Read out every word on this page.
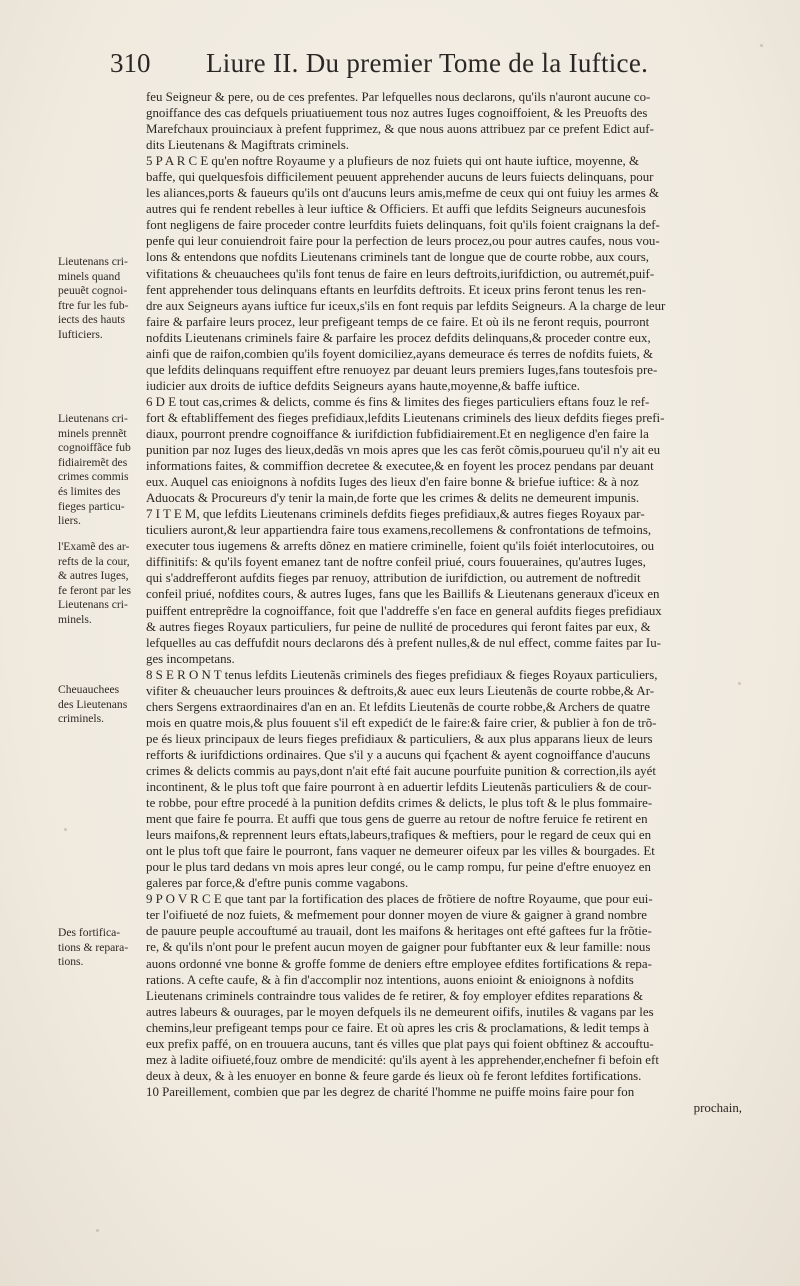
310 Liure II. Du premier Tome de la Iuftice.
feu Seigneur & pere, ou de ces prefentes. Par lefquelles nous declarons, qu'ils n'auront aucune co-
gnoiffance des cas defquels priuatiuement tous noz autres Iuges cognoiffoient, & les Preuofts des
Marefchaux prouinciaux à prefent fupprimez, & que nous auons attribuez par ce prefent Edict auf-
dits Lieutenans & Magiftrats criminels.
5 P A R C E qu'en noftre Royaume y a plufieurs de noz fuiets qui ont haute iuftice, moyenne, &
baffe, qui quelquesfois difficilement peuuent apprehender aucuns de leurs fuiects delinquans, pour
les aliances,ports & faueurs qu'ils ont d'aucuns leurs amis,mefme de ceux qui ont fuiuy les armes &
autres qui fe rendent rebelles à leur iuftice & Officiers. Et auffi que lefdits Seigneurs aucunesfois
font negligens de faire proceder contre leurfdits fuiets delinquans, foit qu'ils foient craignans la def-
penfe qui leur conuiendroit faire pour la perfection de leurs procez,ou pour autres caufes, nous vou-
lons & entendons que nofdits Lieutenans criminels tant de longue que de courte robbe, aux cours,
vifitations & cheuauchees qu'ils font tenus de faire en leurs deftroits,iurifdiction, ou autremét,puif-
fent apprehender tous delinquans eftants en leurfdits deftroits. Et iceux prins feront tenus les ren-
dre aux Seigneurs ayans iuftice fur iceux,s'ils en font requis par lefdits Seigneurs. A la charge de leur
faire & parfaire leurs procez, leur prefigeant temps de ce faire. Et où ils ne feront requis, pourront
nofdits Lieutenans criminels faire & parfaire les procez defdits delinquans,& proceder contre eux,
ainfi que de raifon,combien qu'ils foyent domiciliez,ayans demeurace és terres de nofdits fuiets, &
que lefdits delinquans requiffent eftre renuoyez par deuant leurs premiers Iuges,fans toutesfois pre-
iudicier aux droits de iuftice defdits Seigneurs ayans haute,moyenne,& baffe iuftice.
6 D E tout cas,crimes & delicts, comme és fins & limites des fieges particuliers eftans fouz le ref-
fort & eftabliffement des fieges prefidiaux,lefdits Lieutenans criminels des lieux defdits fieges prefi-
diaux, pourront prendre cognoiffance & iurifdiction fubfidiairement.Et en negligence d'en faire la
punition par noz Iuges des lieux,dedãs vn mois apres que les cas ferõt cõmis,pourueu qu'il n'y ait eu
informations faites, & commiffion decretee & executee,& en foyent les procez pendans par deuant
eux. Auquel cas enioignons à nofdits Iuges des lieux d'en faire bonne & briefue iuftice: & à noz
Aduocats & Procureurs d'y tenir la main,de forte que les crimes & delits ne demeurent impunis.
7 I T E M, que lefdits Lieutenans criminels defdits fieges prefidiaux,& autres fieges Royaux par-
ticuliers auront,& leur appartiendra faire tous examens,recollemens & confrontations de tefmoins,
executer tous iugemens & arrefts dõnez en matiere criminelle, foient qu'ils foiét interlocutoires, ou
diffinitifs: & qu'ils foyent emanez tant de noftre confeil priué, cours fouueraines, qu'autres Iuges,
qui s'addrefferont aufdits fieges par renuoy, attribution de iurifdiction, ou autrement de noftredit
confeil priué, nofdites cours, & autres Iuges, fans que les Baillifs & Lieutenans generaux d'iceux en
puiffent entreprẽdre la cognoiffance, foit que l'addreffe s'en face en general aufdits fieges prefidiaux
& autres fieges Royaux particuliers, fur peine de nullité de procedures qui feront faites par eux, &
lefquelles au cas deffufdit nours declarons dés à prefent nulles,& de nul effect, comme faites par Iu-
ges incompetans.
8 S E R O N T tenus lefdits Lieutenãs criminels des fieges prefidiaux & fieges Royaux particuliers,
vifiter & cheuaucher leurs prouinces & deftroits,& auec eux leurs Lieutenãs de courte robbe,& Ar-
chers Sergens extraordinaires d'an en an. Et lefdits Lieutenãs de courte robbe,& Archers de quatre
mois en quatre mois,& plus fouuent s'il eft expedićt de le faire:& faire crier, & publier à fon de trõ-
pe és lieux principaux de leurs fieges prefidiaux & particuliers, & aux plus apparans lieux de leurs
refforts & iurifdictions ordinaires. Que s'il y a aucuns qui fçachent & ayent cognoiffance d'aucuns
crimes & delicts commis au pays,dont n'ait efté fait aucune pourfuite punition & correction,ils ayét
incontinent, & le plus toft que faire pourront à en aduertir lefdits Lieutenãs particuliers & de cour-
te robbe, pour eftre procedé à la punition defdits crimes & delicts, le plus toft & le plus fommaire-
ment que faire fe pourra. Et auffi que tous gens de guerre au retour de noftre feruice fe retirent en
leurs maifons,& reprennent leurs eftats,labeurs,trafiques & meftiers, pour le regard de ceux qui en
ont le plus toft que faire le pourront, fans vaquer ne demeurer oifeux par les villes & bourgades. Et
pour le plus tard dedans vn mois apres leur congé, ou le camp rompu, fur peine d'eftre enuoyez en
galeres par force,& d'eftre punis comme vagabons.
9 P O V R C E que tant par la fortification des places de frõtiere de noftre Royaume, que pour eui-
ter l'oifiueté de noz fuiets, & mefmement pour donner moyen de viure & gaigner à grand nombre
de pauure peuple accouftumé au trauail, dont les maifons & heritages ont efté gaftees fur la frõtie-
re, & qu'ils n'ont pour le prefent aucun moyen de gaigner pour fubftanter eux & leur famille: nous
auons ordonné vne bonne & groffe fomme de deniers eftre employee efdites fortifications & repa-
rations. A cefte caufe, & à fin d'accomplir noz intentions, auons enioint & enioignons à nofdits
Lieutenans criminels contraindre tous valides de fe retirer, & foy employer efdites reparations &
autres labeurs & ouurages, par le moyen defquels ils ne demeurent oififs, inutiles & vagans par les
chemins,leur prefigeant temps pour ce faire. Et où apres les cris & proclamations, & ledit temps à
eux prefix paffé, on en trouuera aucuns, tant és villes que plat pays qui foient obftinez & accouftu-
mez à ladite oifiueté,fouz ombre de mendicité: qu'ils ayent à les apprehender,enchefner fi befoin eft
deux à deux, & à les enuoyer en bonne & feure garde és lieux où fe feront lefdites fortifications.
10 Pareillement, combien que par les degrez de charité l'homme ne puiffe moins faire pour fon
prochain,
Lieutenans cri-
minels quand
peuuẽt cognoi-
ftre fur les fub-
iects des hauts
Iufticiers.
Lieutenans cri-
minels prennẽt
cognoiffãce fub
fidiairemẽt des
crimes commis
és limites des
fieges particu-
liers.
l'Examẽ des ar-
refts de la cour,
& autres Iuges,
fe feront par les
Lieutenans cri-
minels.
Cheuauchees
des Lieutenans
criminels.
Des fortifica-
tions & repara-
tions.
